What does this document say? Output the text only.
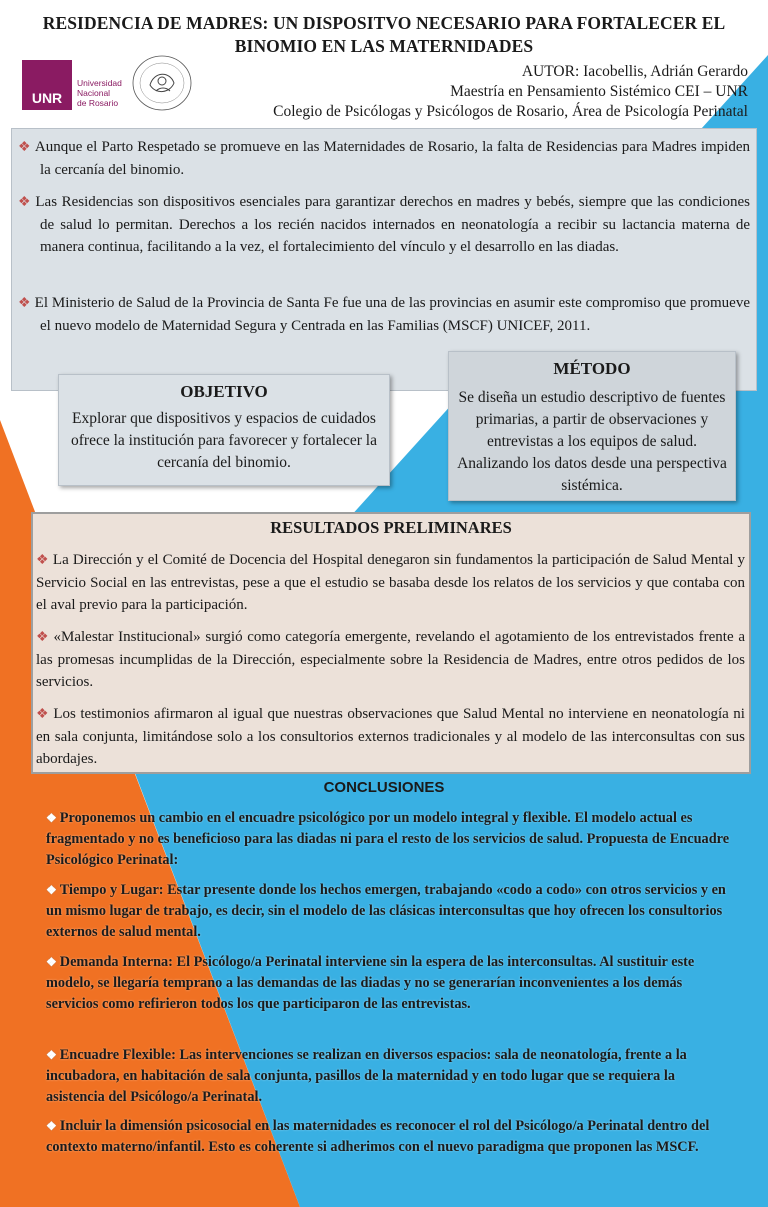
RESIDENCIA DE MADRES: UN DISPOSITVO NECESARIO PARA FORTALECER EL
BINOMIO EN LAS MATERNIDADES
UNR
Universidad
Nacional
de Rosario
AUTOR: Iacobellis, Adrián Gerardo
Maestría en Pensamiento Sistémico CEI – UNR
Colegio de Psicólogas y Psicólogos de Rosario, Área de Psicología Perinatal
❖ Aunque el Parto Respetado se promueve en las Maternidades de Rosario, la falta de Residencias para Madres impiden la cercanía del binomio.
❖ Las Residencias son dispositivos esenciales para garantizar derechos en madres y bebés, siempre que las condiciones de salud lo permitan. Derechos a los recién nacidos internados en neonatología a recibir su lactancia materna de manera continua, facilitando a la vez, el fortalecimiento del vínculo y el desarrollo en las diadas.
❖ El Ministerio de Salud de la Provincia de Santa Fe fue una de las provincias en asumir este compromiso que promueve el nuevo modelo de Maternidad Segura y Centrada en las Familias (MSCF) UNICEF, 2011.
OBJETIVO
Explorar que dispositivos y espacios de cuidados ofrece la institución para favorecer y fortalecer la cercanía del binomio.
MÉTODO
Se diseña un estudio descriptivo de fuentes primarias, a partir de observaciones y entrevistas a los equipos de salud. Analizando los datos desde una perspectiva sistémica.
RESULTADOS PRELIMINARES
❖ La Dirección y el Comité de Docencia del Hospital denegaron sin fundamentos la participación de Salud Mental y Servicio Social en las entrevistas, pese a que el estudio se basaba desde los relatos de los servicios y que contaba con el aval previo para la participación.
❖ «Malestar Institucional» surgió como categoría emergente, revelando el agotamiento de los entrevistados frente a las promesas incumplidas de la Dirección, especialmente sobre la Residencia de Madres, entre otros pedidos de los servicios.
❖ Los testimonios afirmaron al igual que nuestras observaciones que Salud Mental no interviene en neonatología ni en sala conjunta, limitándose solo a los consultorios externos tradicionales y al modelo de las interconsultas con sus abordajes.
CONCLUSIONES
❖ Proponemos un cambio en el encuadre psicológico por un modelo integral y flexible. El modelo actual es fragmentado y no es beneficioso para las diadas ni para el resto de los servicios de salud. Propuesta de Encuadre Psicológico Perinatal:
❖ Tiempo y Lugar: Estar presente donde los hechos emergen, trabajando «codo a codo» con otros servicios y en un mismo lugar de trabajo, es decir, sin el modelo de las clásicas interconsultas que hoy ofrecen los consultorios externos de salud mental.
❖ Demanda Interna: El Psicólogo/a Perinatal interviene sin la espera de las interconsultas. Al sustituir este modelo, se llegaría temprano a las demandas de las diadas y no se generarían inconvenientes a los demás servicios como refirieron todos los que participaron de las entrevistas.
❖ Encuadre Flexible: Las intervenciones se realizan en diversos espacios: sala de neonatología, frente a la incubadora, en habitación de sala conjunta, pasillos de la maternidad y en todo lugar que se requiera la asistencia del Psicólogo/a Perinatal.
❖ Incluir la dimensión psicosocial en las maternidades es reconocer el rol del Psicólogo/a Perinatal dentro del contexto materno/infantil. Esto es coherente si adherimos con el nuevo paradigma que proponen las MSCF.
